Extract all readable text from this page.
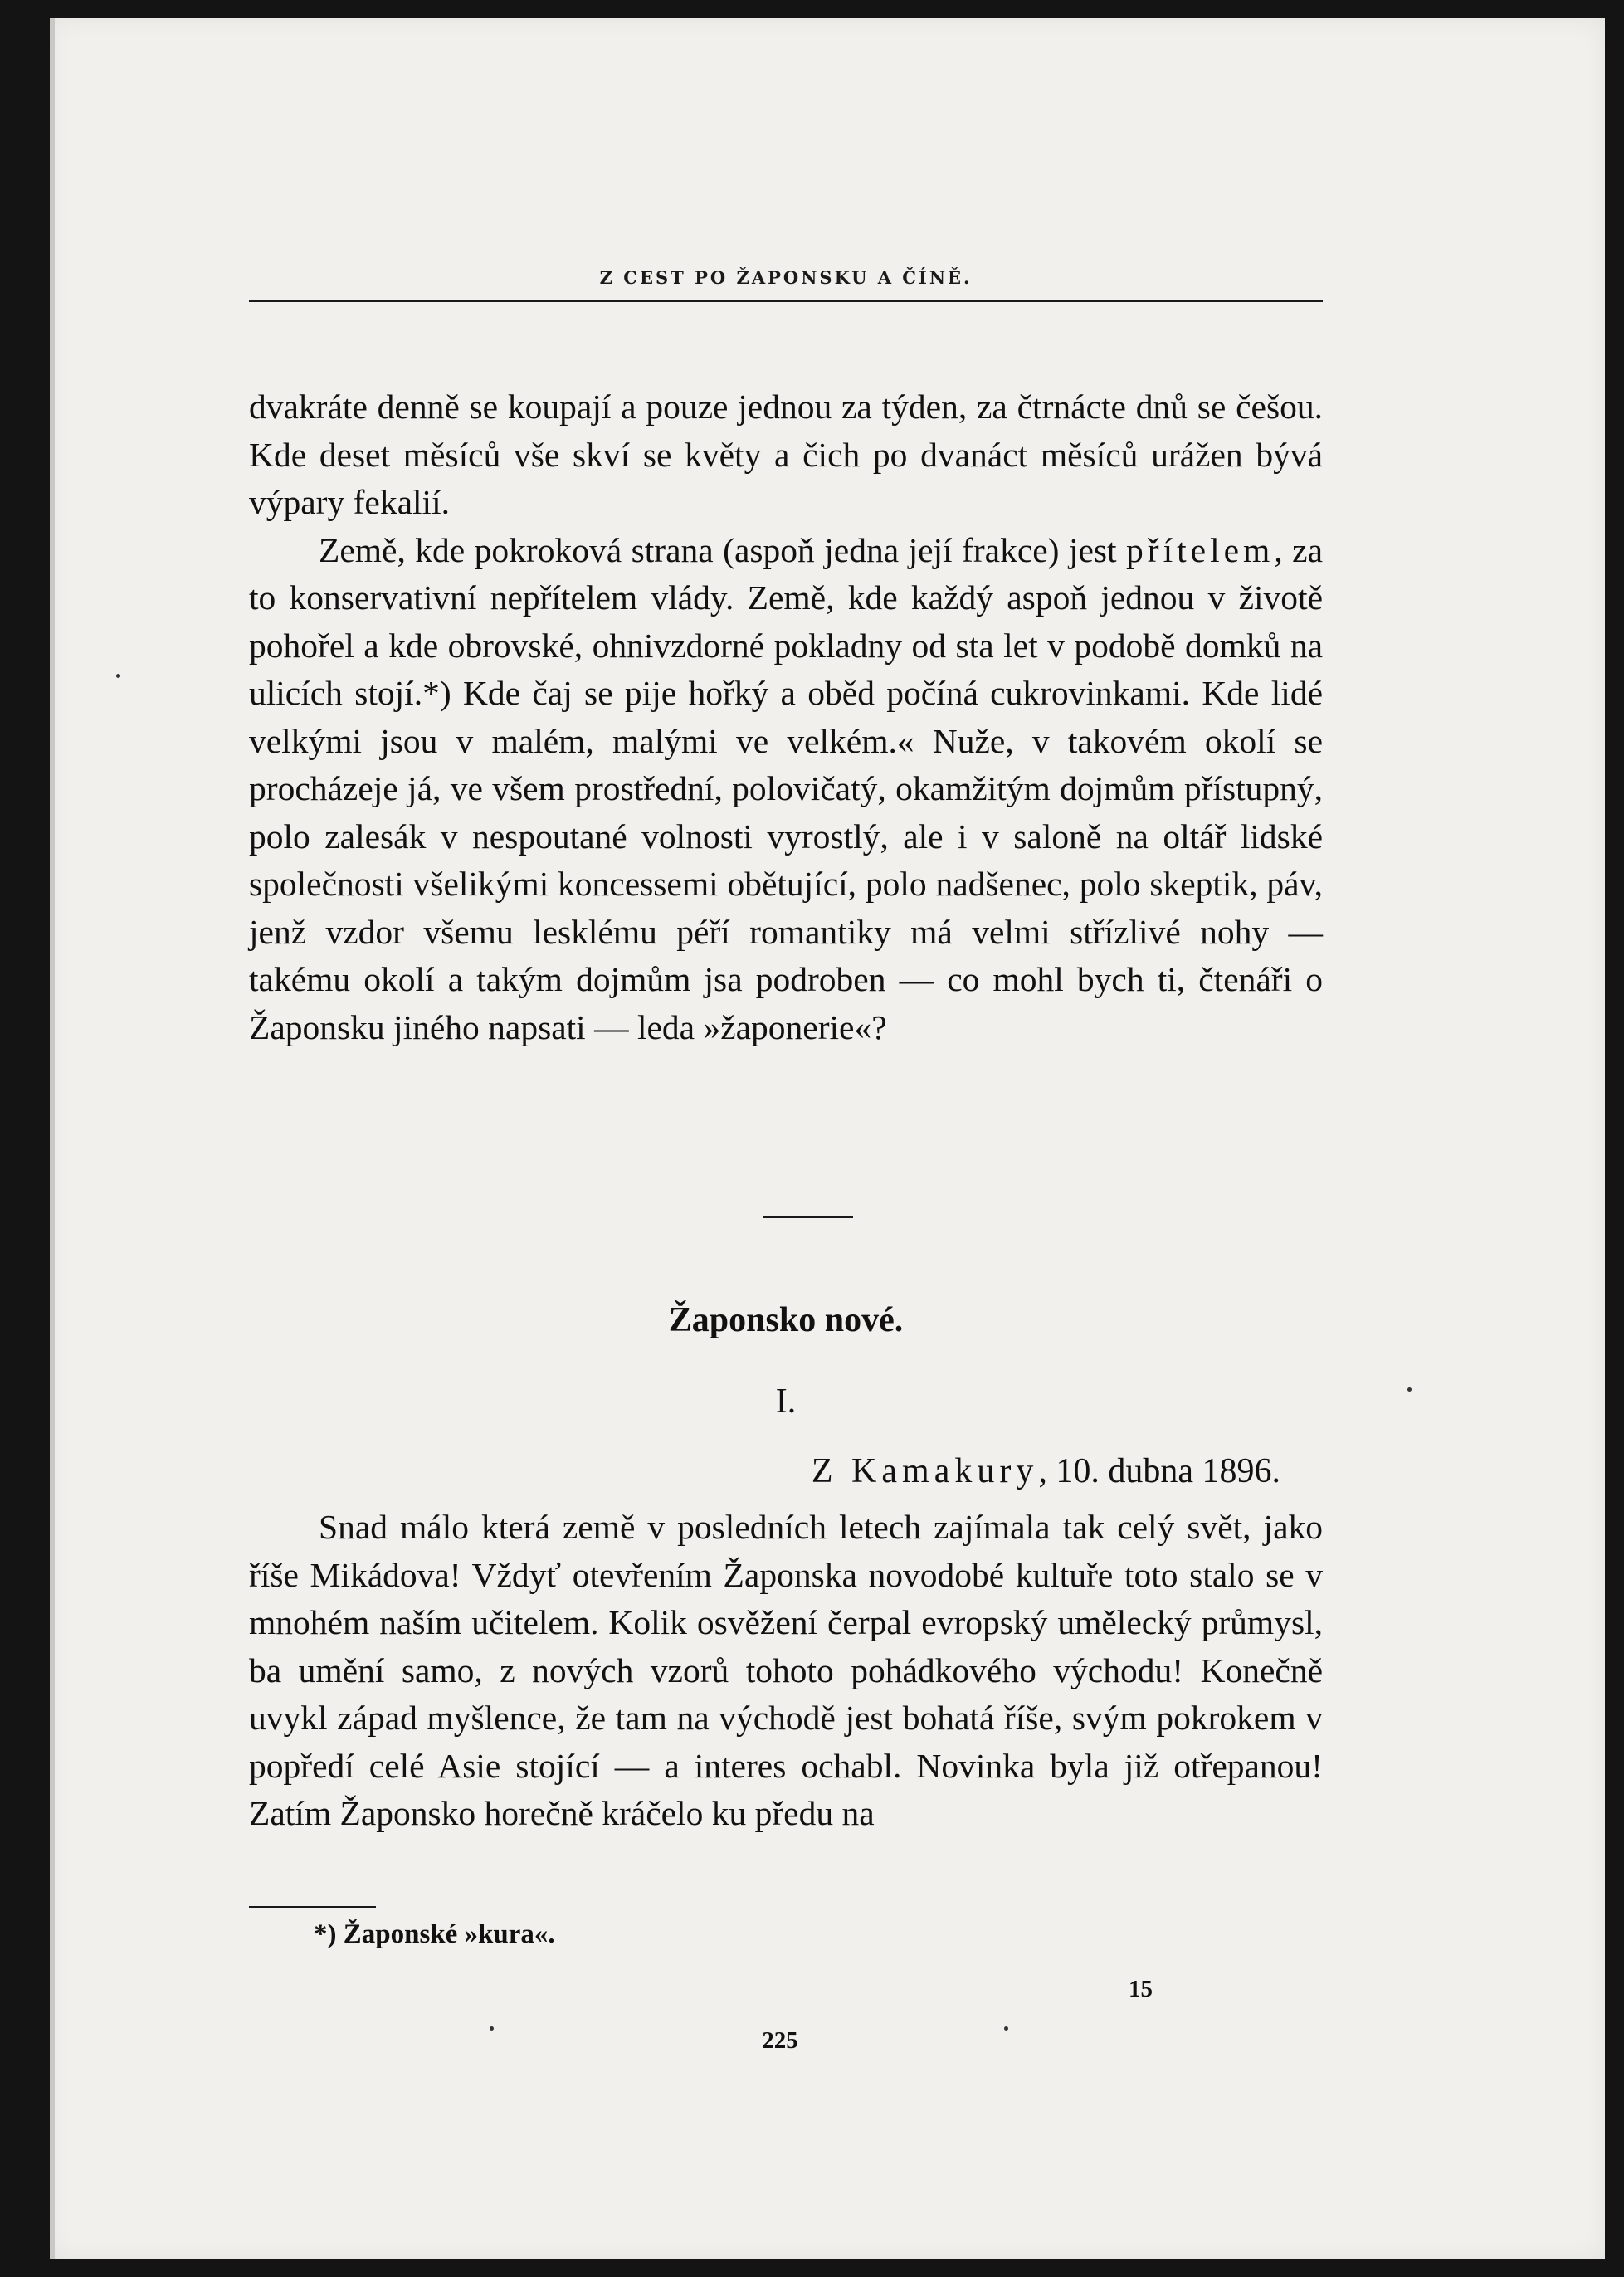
Z CEST PO ŽAPONSKU A ČÍNĚ.

dvakráte denně se koupají a pouze jednou za týden, za čtrnácte dnů se češou. Kde deset měsíců vše skví se květy a čich po dvanáct měsíců urážen bývá výpary fekalií.

Země, kde pokroková strana (aspoň jedna její frakce) jest přítelem, za to konservativní nepřítelem vlády. Země, kde každý aspoň jednou v životě pohořel a kde obrovské, ohnivzdorné pokladny od sta let v podobě domků na ulicích stojí.*) Kde čaj se pije hořký a oběd počíná cukrovinkami. Kde lidé velkými jsou v malém, malými ve velkém.« Nuže, v takovém okolí se procházeje já, ve všem prostřední, polovičatý, okamžitým dojmům přístupný, polo zalesák v nespoutané volnosti vyrostlý, ale i v saloně na oltář lidské společnosti všelikými koncessemi obětující, polo nadšenec, polo skeptik, páv, jenž vzdor všemu lesklému péří romantiky má velmi střízlivé nohy — takému okolí a takým dojmům jsa podroben — co mohl bych ti, čtenáři o Žaponsku jiného napsati — leda »žaponerie«?

Žaponsko nové.
I.
Z Kamakury, 10. dubna 1896.

Snad málo která země v posledních letech zajímala tak celý svět, jako říše Mikádova! Vždyť otevřením Žaponska novodobé kultuře toto stalo se v mnohém naším učitelem. Kolik osvěžení čerpal evropský umělecký průmysl, ba umění samo, z nových vzorů tohoto pohádkového východu! Konečně uvykl západ myšlence, že tam na východě jest bohatá říše, svým pokrokem v popředí celé Asie stojící — a interes ochabl. Novinka byla již otřepanou! Zatím Žaponsko horečně kráčelo ku předu na

*) Žaponské »kura«.
15
225
